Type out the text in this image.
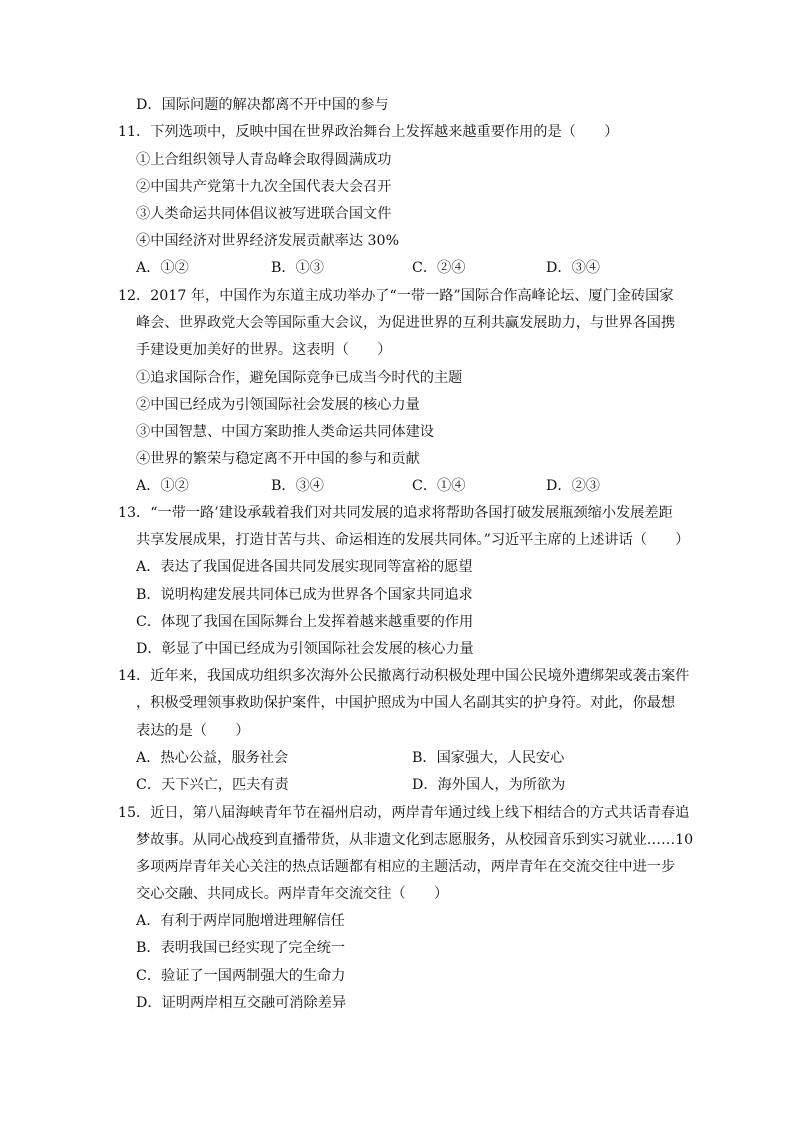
D．国际问题的解决都离不开中国的参与
11．下列选项中，反映中国在世界政治舞台上发挥越来越重要作用的是（　　）
①上合组织领导人青岛峰会取得圆满成功
②中国共产党第十九次全国代表大会召开
③人类命运共同体倡议被写进联合国文件
④中国经济对世界经济发展贡献率达 30%
A．①②	B．①③	C．②④	D．③④
12．2017 年，中国作为东道主成功举办了“一带一路”国际合作高峰论坛、厦门金砖国家
峰会、世界政党大会等国际重大会议，为促进世界的互利共赢发展助力，与世界各国携
手建设更加美好的世界。这表明（　　）
①追求国际合作，避免国际竞争已成当今时代的主题
②中国已经成为引领国际社会发展的核心力量
③中国智慧、中国方案助推人类命运共同体建设
④世界的繁荣与稳定离不开中国的参与和贡献
A．①②	B．③④	C．①④	D．②③
13．“一带一路’建设承载着我们对共同发展的追求将帮助各国打破发展瓶颈缩小发展差距
共享发展成果，打造甘苦与共、命运相连的发展共同体。”习近平主席的上述讲话（　　）
A．表达了我国促进各国共同发展实现同等富裕的愿望
B．说明构建发展共同体已成为世界各个国家共同追求
C．体现了我国在国际舞台上发挥着越来越重要的作用
D．彰显了中国已经成为引领国际社会发展的核心力量
14．近年来，我国成功组织多次海外公民撤离行动积极处理中国公民境外遭绑架或袭击案件
，积极受理领事救助保护案件，中国护照成为中国人名副其实的护身符。对此，你最想
表达的是（　　）
A．热心公益，服务社会	B．国家强大，人民安心
C．天下兴亡，匹夫有责	D．海外国人，为所欲为
15．近日，第八届海峡青年节在福州启动，两岸青年通过线上线下相结合的方式共话青春追
梦故事。从同心战疫到直播带货，从非遗文化到志愿服务，从校园音乐到实习就业……10
多项两岸青年关心关注的热点话题都有相应的主题活动，两岸青年在交流交往中进一步
交心交融、共同成长。两岸青年交流交往（　　）
A．有利于两岸同胞增进理解信任
B．表明我国已经实现了完全统一
C．验证了一国两制强大的生命力
D．证明两岸相互交融可消除差异
